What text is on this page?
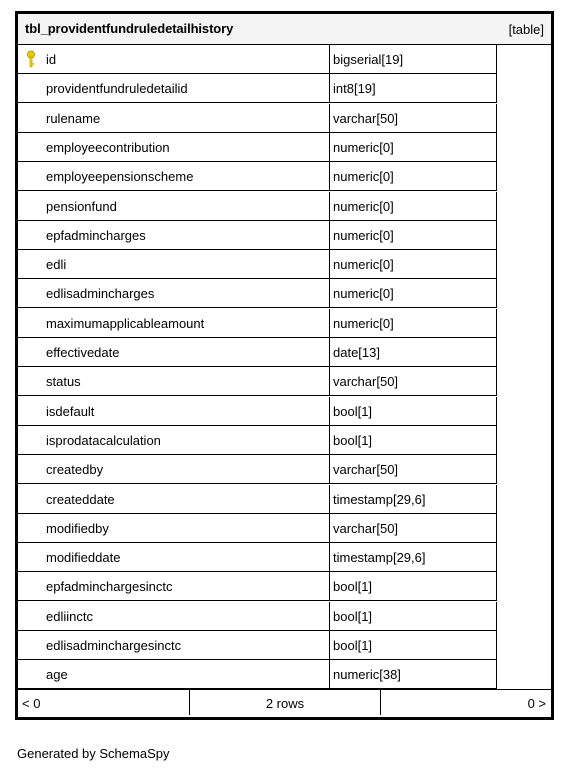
tbl_providentfundruledetailhistory	[table]
id	bigserial[19]
providentfundruledetailid	int8[19]
rulename	varchar[50]
employeecontribution	numeric[0]
employeepensionscheme	numeric[0]
pensionfund	numeric[0]
epfadmincharges	numeric[0]
edli	numeric[0]
edlisadmincharges	numeric[0]
maximumapplicableamount	numeric[0]
effectivedate	date[13]
status	varchar[50]
isdefault	bool[1]
isprodatacalculation	bool[1]
createdby	varchar[50]
createddate	timestamp[29,6]
modifiedby	varchar[50]
modifieddate	timestamp[29,6]
epfadminchargesinctc	bool[1]
edliinctc	bool[1]
edlisadminchargesinctc	bool[1]
age	numeric[38]
< 0	2 rows	0 >
Generated by SchemaSpy
